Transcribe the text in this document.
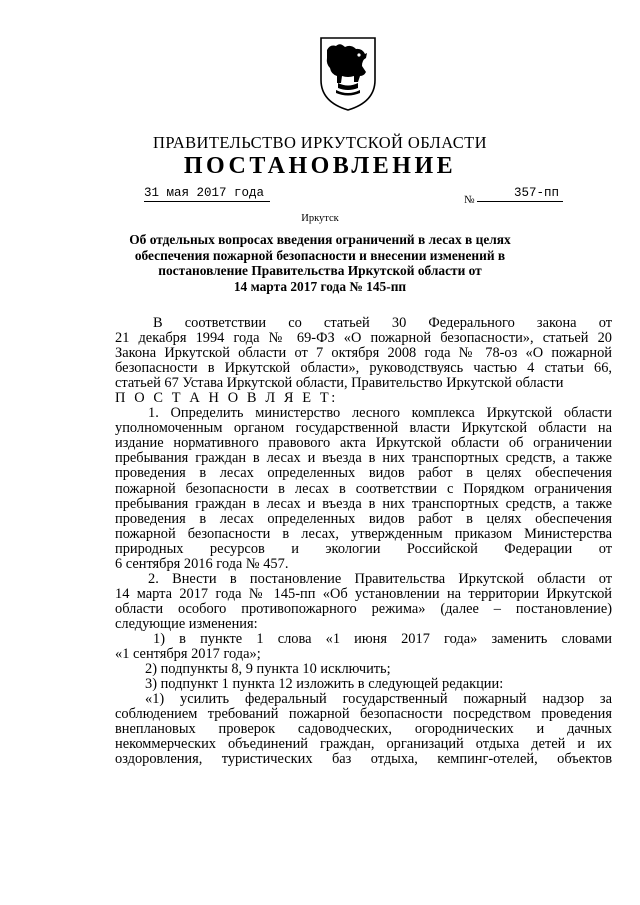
ПРАВИТЕЛЬСТВО ИРКУТСКОЙ ОБЛАСТИ
ПОСТАНОВЛЕНИЕ
31 мая 2017 года	№	357-пп
Иркутск
Об отдельных вопросах введения ограничений в лесах в целях
обеспечения пожарной безопасности и внесении изменений в
постановление Правительства Иркутской области от
14 марта 2017 года № 145-пп
В соответствии со статьей 30 Федерального закона от
21 декабря 1994 года № 69-ФЗ «О пожарной безопасности», статьей 20
Закона Иркутской области от 7 октября 2008 года № 78-оз «О пожарной
безопасности в Иркутской области», руководствуясь частью 4 статьи 66,
статьей 67 Устава Иркутской области, Правительство Иркутской области
П О С Т А Н О В Л Я Е Т:
1. Определить министерство лесного комплекса Иркутской области
уполномоченным органом государственной власти Иркутской области на
издание нормативного правового акта Иркутской области об ограничении
пребывания граждан в лесах и въезда в них транспортных средств, а также
проведения в лесах определенных видов работ в целях обеспечения
пожарной безопасности в лесах в соответствии с Порядком ограничения
пребывания граждан в лесах и въезда в них транспортных средств, а также
проведения в лесах определенных видов работ в целях обеспечения
пожарной безопасности в лесах, утвержденным приказом Министерства
природных ресурсов и экологии Российской Федерации от
6 сентября 2016 года № 457.
2. Внести в постановление Правительства Иркутской области от
14 марта 2017 года № 145-пп «Об установлении на территории Иркутской
области особого противопожарного режима» (далее – постановление)
следующие изменения:
1) в пункте 1 слова «1 июня 2017 года» заменить словами
«1 сентября 2017 года»;
2) подпункты 8, 9 пункта 10 исключить;
3) подпункт 1 пункта 12 изложить в следующей редакции:
«1) усилить федеральный государственный пожарный надзор за
соблюдением требований пожарной безопасности посредством проведения
внеплановых проверок садоводческих, огороднических и дачных
некоммерческих объединений граждан, организаций отдыха детей и их
оздоровления, туристических баз отдыха, кемпинг-отелей, объектов
